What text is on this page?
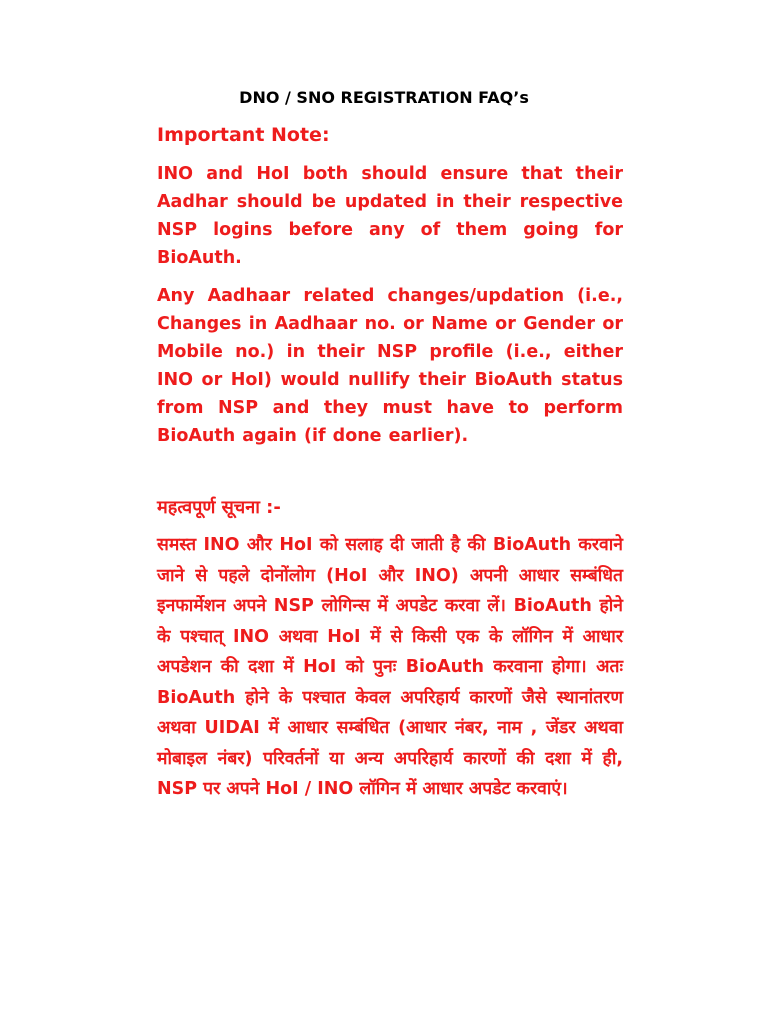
DNO / SNO REGISTRATION FAQ’s
Important Note:

INO and HoI both should ensure that their Aadhar should be updated in their respective NSP logins before any of them going for BioAuth.

Any Aadhaar related changes/updation (i.e., Changes in Aadhaar no. or Name or Gender or Mobile no.) in their NSP profile (i.e., either INO or HoI) would nullify their BioAuth status from NSP and they must have to perform BioAuth again (if done earlier).

महत्वपूर्ण सूचना :-

समस्त INO और HoI को सलाह दी जाती है की BioAuth करवाने जाने से पहले दोनोंलोग (HoI और INO) अपनी आधार सम्बंधित इनफार्मेशन अपने NSP लोगिन्स में अपडेट करवा लें। BioAuth होने के पश्चात् INO अथवा HoI में से किसी एक के लॉगिन में आधार अपडेशन की दशा में HoI को पुनः BioAuth करवाना होगा। अतः BioAuth होने के पश्चात केवल अपरिहार्य कारणों जैसे स्थानांतरण अथवा UIDAI में आधार सम्बंधित (आधार नंबर, नाम , जेंडर अथवा मोबाइल नंबर) परिवर्तनों या अन्य अपरिहार्य कारणों की दशा में ही, NSP पर अपने HoI / INO लॉगिन में आधार अपडेट करवाएं।
